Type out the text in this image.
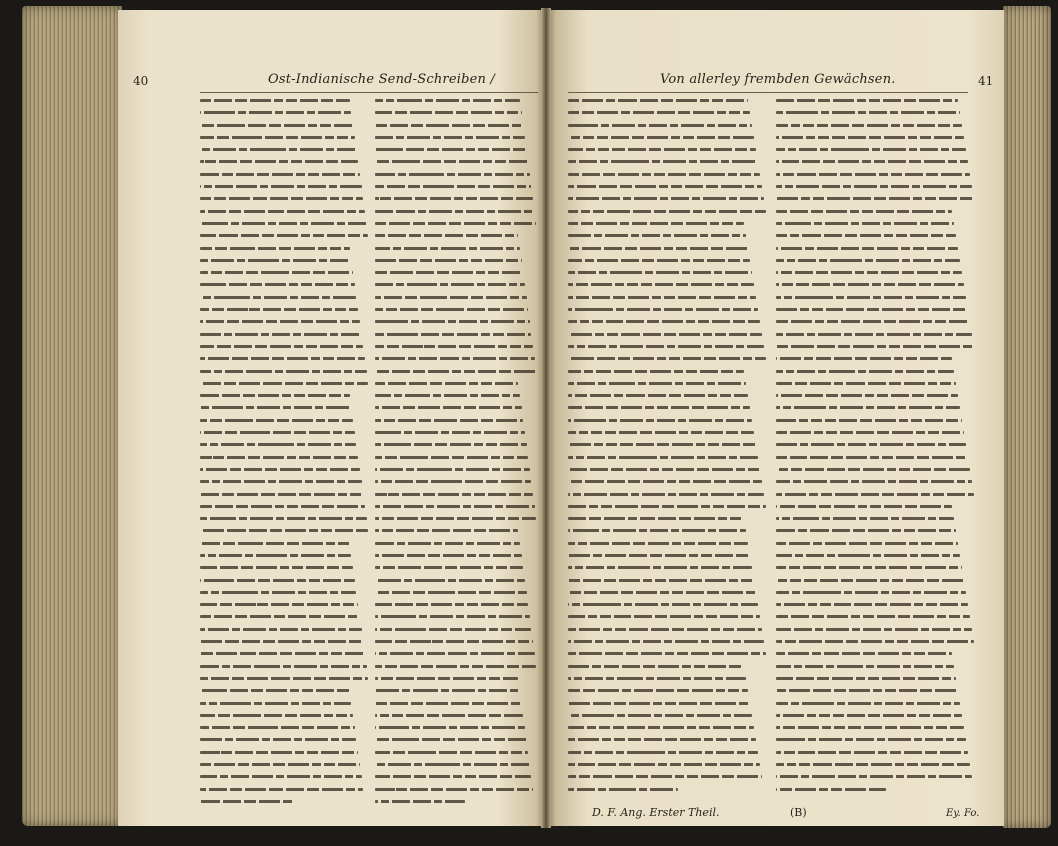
40	Ost-Indianische Send-Schreiben /	Von allerley frembden Gewächsen.	41
D. F. Ang. Erster Theil.	(B)	Ey. Fo.
